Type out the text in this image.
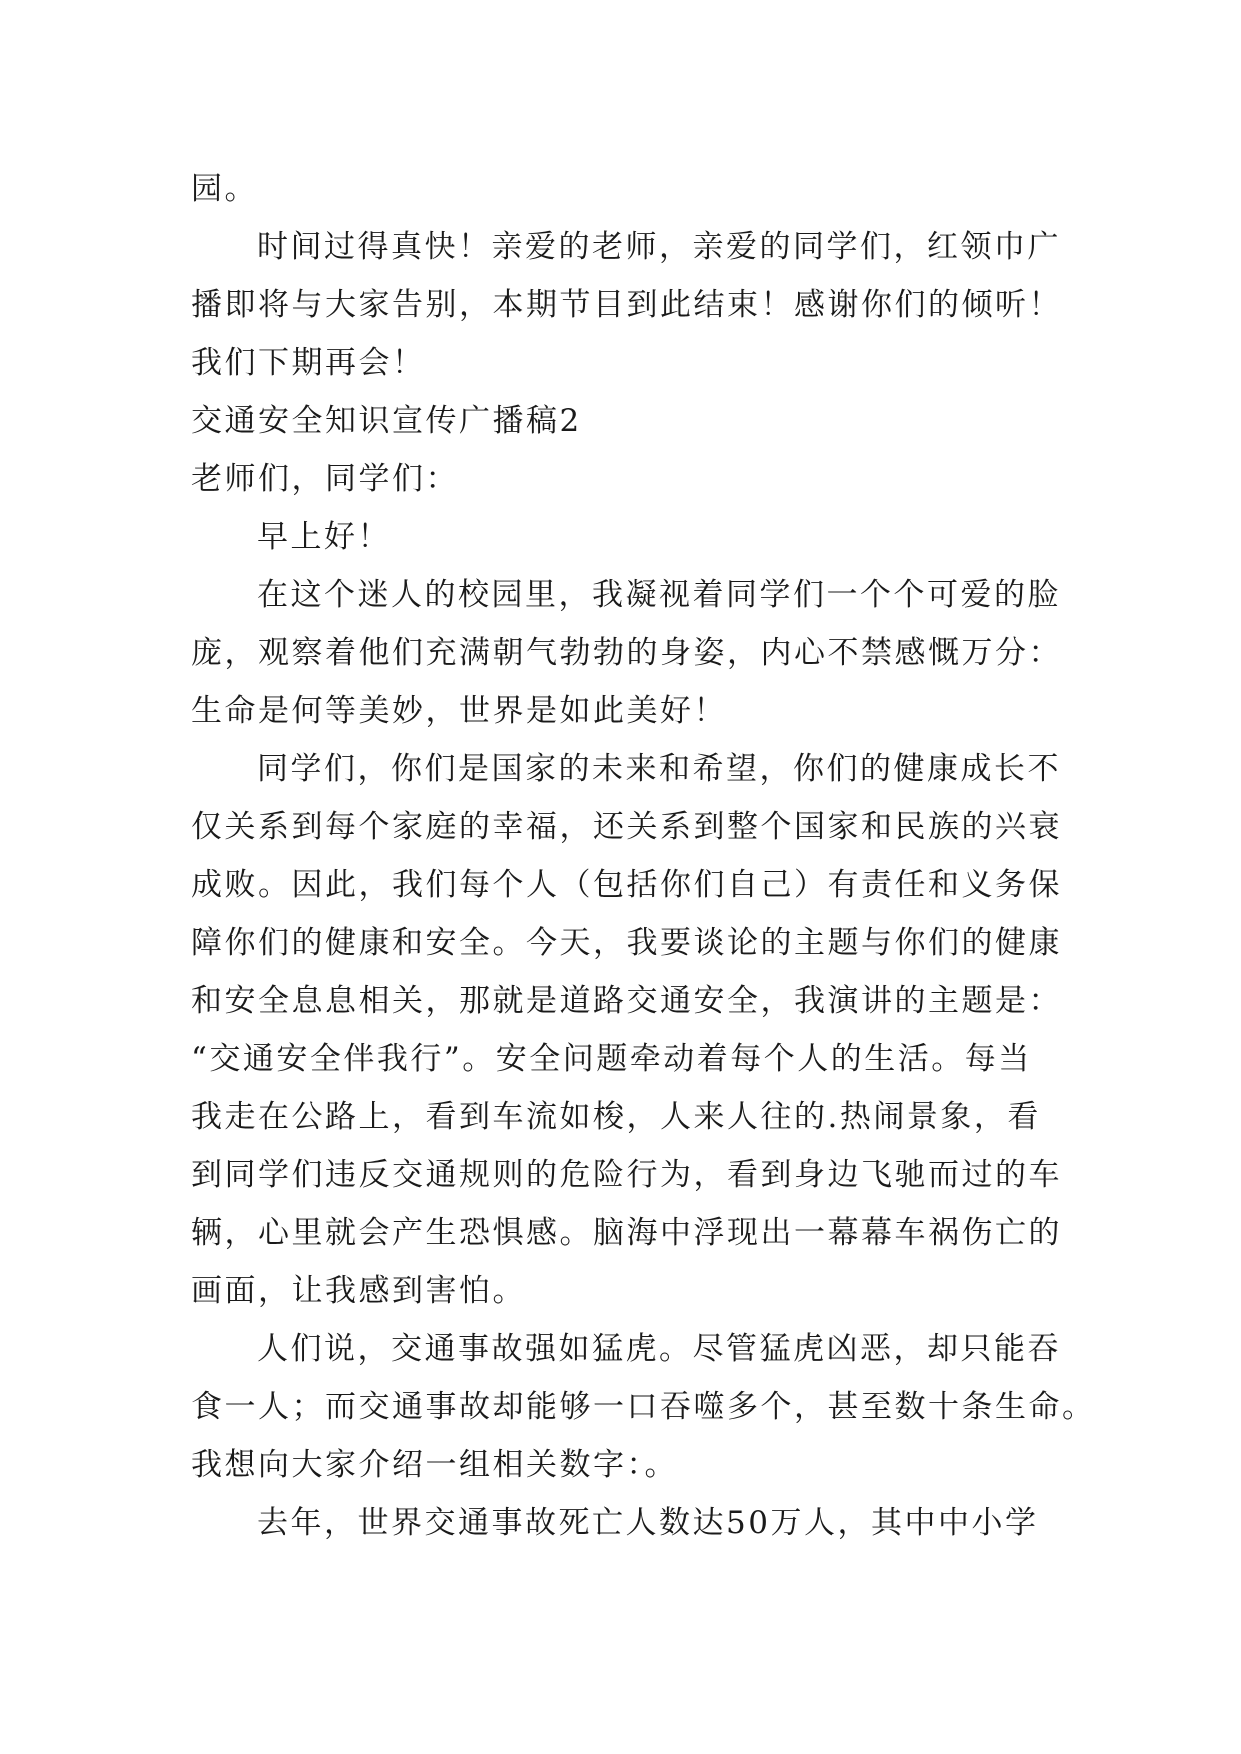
园。
时间过得真快！亲爱的老师，亲爱的同学们，红领巾广
播即将与大家告别，本期节目到此结束！感谢你们的倾听！
我们下期再会！
交通安全知识宣传广播稿2
老师们，同学们：
早上好！
在这个迷人的校园里，我凝视着同学们一个个可爱的脸
庞，观察着他们充满朝气勃勃的身姿，内心不禁感慨万分：
生命是何等美妙，世界是如此美好！
同学们，你们是国家的未来和希望，你们的健康成长不
仅关系到每个家庭的幸福，还关系到整个国家和民族的兴衰
成败。因此，我们每个人（包括你们自己）有责任和义务保
障你们的健康和安全。今天，我要谈论的主题与你们的健康
和安全息息相关，那就是道路交通安全，我演讲的主题是：
“交通安全伴我行”。安全问题牵动着每个人的生活。每当
我走在公路上，看到车流如梭，人来人往的.热闹景象，看
到同学们违反交通规则的危险行为，看到身边飞驰而过的车
辆，心里就会产生恐惧感。脑海中浮现出一幕幕车祸伤亡的
画面，让我感到害怕。
人们说，交通事故强如猛虎。尽管猛虎凶恶，却只能吞
食一人；而交通事故却能够一口吞噬多个，甚至数十条生命。
我想向大家介绍一组相关数字：。
去年，世界交通事故死亡人数达50万人，其中中小学
